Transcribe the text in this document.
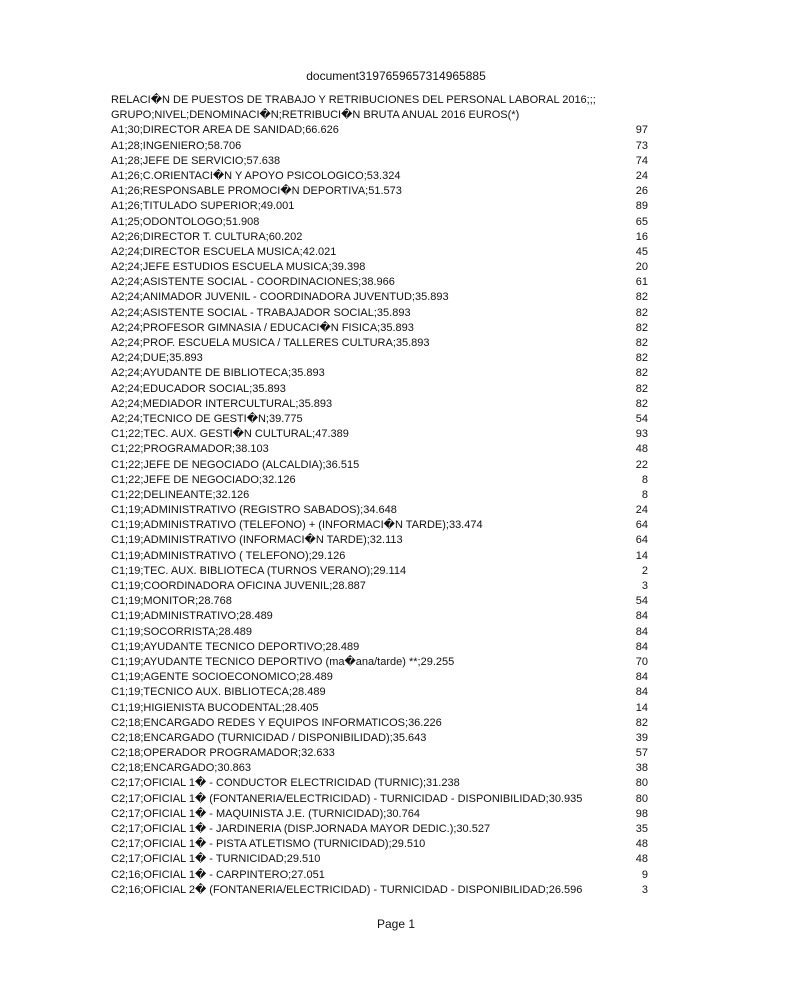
document3197659657314965885
RELACI�N DE PUESTOS DE TRABAJO Y RETRIBUCIONES DEL PERSONAL LABORAL 2016;;;
GRUPO;NIVEL;DENOMINACI�N;RETRIBUCI�N BRUTA ANUAL 2016 EUROS(*)
A1;30;DIRECTOR AREA DE SANIDAD;66.626	97
A1;28;INGENIERO;58.706	73
A1;28;JEFE DE SERVICIO;57.638	74
A1;26;C.ORIENTACI�N Y APOYO PSICOLOGICO;53.324	24
A1;26;RESPONSABLE PROMOCI�N DEPORTIVA;51.573	26
A1;26;TITULADO SUPERIOR;49.001	89
A1;25;ODONTOLOGO;51.908	65
A2;26;DIRECTOR T. CULTURA;60.202	16
A2;24;DIRECTOR ESCUELA MUSICA;42.021	45
A2;24;JEFE ESTUDIOS ESCUELA MUSICA;39.398	20
A2;24;ASISTENTE SOCIAL - COORDINACIONES;38.966	61
A2;24;ANIMADOR JUVENIL - COORDINADORA JUVENTUD;35.893	82
A2;24;ASISTENTE SOCIAL - TRABAJADOR SOCIAL;35.893	82
A2;24;PROFESOR GIMNASIA / EDUCACI�N FISICA;35.893	82
A2;24;PROF. ESCUELA MUSICA / TALLERES CULTURA;35.893	82
A2;24;DUE;35.893	82
A2;24;AYUDANTE DE BIBLIOTECA;35.893	82
A2;24;EDUCADOR SOCIAL;35.893	82
A2;24;MEDIADOR INTERCULTURAL;35.893	82
A2;24;TECNICO DE GESTI�N;39.775	54
C1;22;TEC. AUX. GESTI�N CULTURAL;47.389	93
C1;22;PROGRAMADOR;38.103	48
C1;22;JEFE DE NEGOCIADO (ALCALDIA);36.515	22
C1;22;JEFE DE NEGOCIADO;32.126	8
C1;22;DELINEANTE;32.126	8
C1;19;ADMINISTRATIVO (REGISTRO SABADOS);34.648	24
C1;19;ADMINISTRATIVO (TELEFONO) + (INFORMACI�N TARDE);33.474	64
C1;19;ADMINISTRATIVO (INFORMACI�N TARDE);32.113	64
C1;19;ADMINISTRATIVO ( TELEFONO);29.126	14
C1;19;TEC. AUX. BIBLIOTECA (TURNOS VERANO);29.114	2
C1;19;COORDINADORA OFICINA JUVENIL;28.887	3
C1;19;MONITOR;28.768	54
C1;19;ADMINISTRATIVO;28.489	84
C1;19;SOCORRISTA;28.489	84
C1;19;AYUDANTE TECNICO DEPORTIVO;28.489	84
C1;19;AYUDANTE TECNICO DEPORTIVO (ma�ana/tarde) **;29.255	70
C1;19;AGENTE SOCIOECONOMICO;28.489	84
C1;19;TECNICO AUX. BIBLIOTECA;28.489	84
C1;19;HIGIENISTA BUCODENTAL;28.405	14
C2;18;ENCARGADO REDES Y EQUIPOS INFORMATICOS;36.226	82
C2;18;ENCARGADO (TURNICIDAD / DISPONIBILIDAD);35.643	39
C2;18;OPERADOR PROGRAMADOR;32.633	57
C2;18;ENCARGADO;30.863	38
C2;17;OFICIAL 1� - CONDUCTOR ELECTRICIDAD (TURNIC);31.238	80
C2;17;OFICIAL 1� (FONTANERIA/ELECTRICIDAD) - TURNICIDAD - DISPONIBILIDAD;30.935	80
C2;17;OFICIAL 1� - MAQUINISTA J.E. (TURNICIDAD);30.764	98
C2;17;OFICIAL 1� - JARDINERIA (DISP.JORNADA MAYOR DEDIC.);30.527	35
C2;17;OFICIAL 1� - PISTA ATLETISMO (TURNICIDAD);29.510	48
C2;17;OFICIAL 1� - TURNICIDAD;29.510	48
C2;16;OFICIAL 1� - CARPINTERO;27.051	9
C2;16;OFICIAL 2� (FONTANERIA/ELECTRICIDAD) - TURNICIDAD - DISPONIBILIDAD;26.596	3
Page 1
